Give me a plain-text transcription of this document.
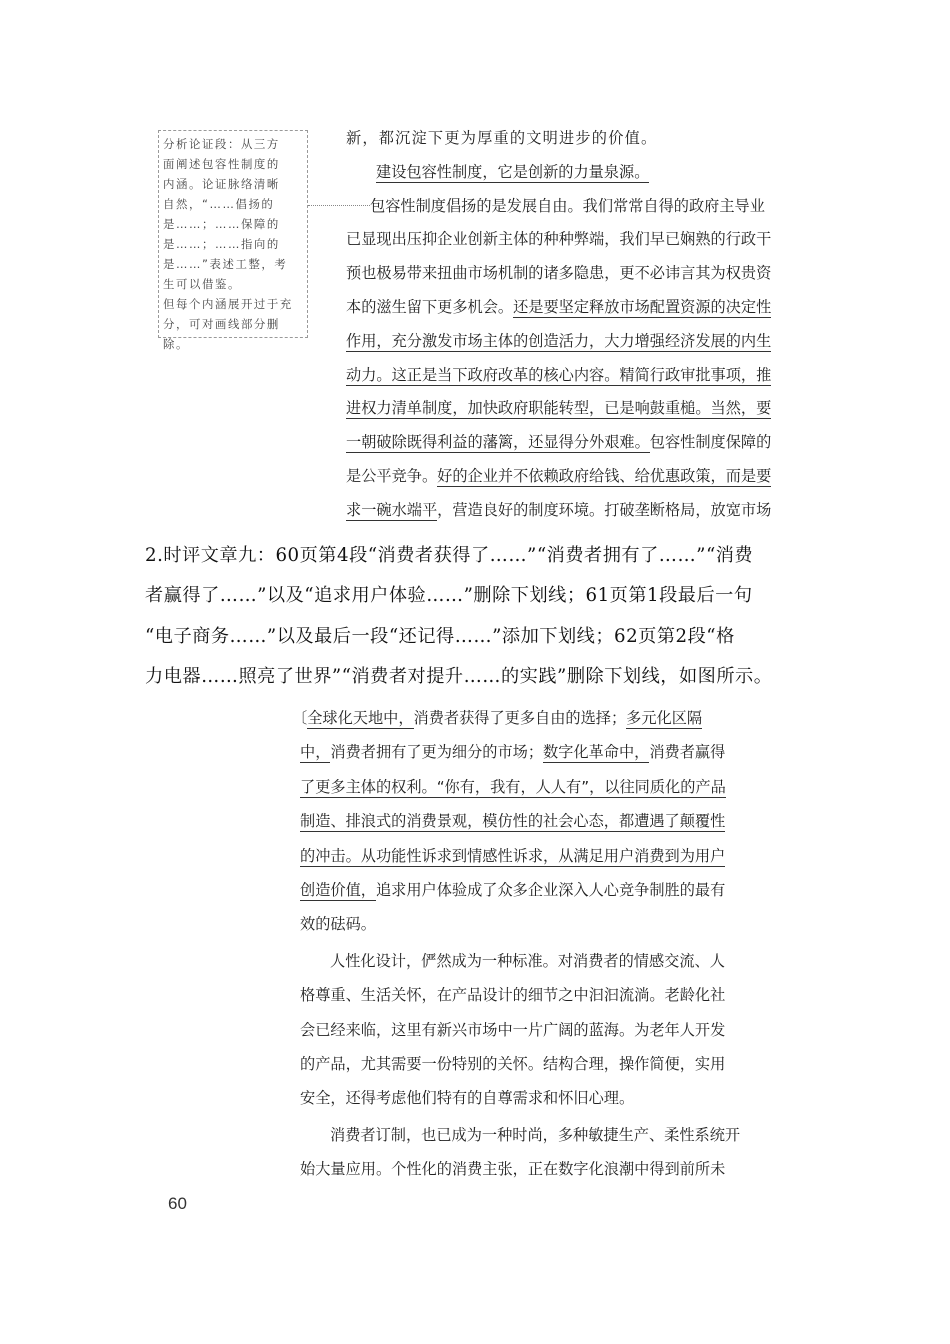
分析论证段：从三方
面阐述包容性制度的
内涵。论证脉络清晰
自然，“……倡扬的
是……；……保障的
是……；……指向的
是……”表述工整，考
生可以借鉴。
但每个内涵展开过于充
分，可对画线部分删除。
新，都沉淀下更为厚重的文明进步的价值。
建设包容性制度，它是创新的力量泉源。
包容性制度倡扬的是发展自由。我们常常自得的政府主导业
已显现出压抑企业创新主体的种种弊端，我们早已娴熟的行政干
预也极易带来扭曲市场机制的诸多隐患，更不必讳言其为权贵资
本的滋生留下更多机会。还是要坚定释放市场配置资源的决定性
作用，充分激发市场主体的创造活力，大力增强经济发展的内生
动力。这正是当下政府改革的核心内容。精简行政审批事项，推
进权力清单制度，加快政府职能转型，已是响鼓重槌。当然，要
一朝破除既得利益的藩篱，还显得分外艰难。包容性制度保障的
是公平竞争。好的企业并不依赖政府给钱、给优惠政策，而是要
求一碗水端平，营造良好的制度环境。打破垄断格局，放宽市场
2.时评文章九：60页第4段“消费者获得了……”“消费者拥有了……”“消费
者赢得了……”以及“追求用户体验……”删除下划线；61页第1段最后一句
“电子商务……”以及最后一段“还记得……”添加下划线；62页第2段“格
力电器……照亮了世界”“消费者对提升……的实践”删除下划线，如图所示。
〔全球化天地中，消费者获得了更多自由的选择；多元化区隔
中，消费者拥有了更为细分的市场；数字化革命中，消费者赢得
了更多主体的权利。“你有，我有，人人有”，以往同质化的产品
制造、排浪式的消费景观，模仿性的社会心态，都遭遇了颠覆性
的冲击。从功能性诉求到情感性诉求，从满足用户消费到为用户
创造价值，追求用户体验成了众多企业深入人心竞争制胜的最有
效的砝码。
人性化设计，俨然成为一种标准。对消费者的情感交流、人
格尊重、生活关怀，在产品设计的细节之中汩汩流淌。老龄化社
会已经来临，这里有新兴市场中一片广阔的蓝海。为老年人开发
的产品，尤其需要一份特别的关怀。结构合理，操作简便，实用
安全，还得考虑他们特有的自尊需求和怀旧心理。
消费者订制，也已成为一种时尚，多种敏捷生产、柔性系统开
始大量应用。个性化的消费主张，正在数字化浪潮中得到前所未
60
